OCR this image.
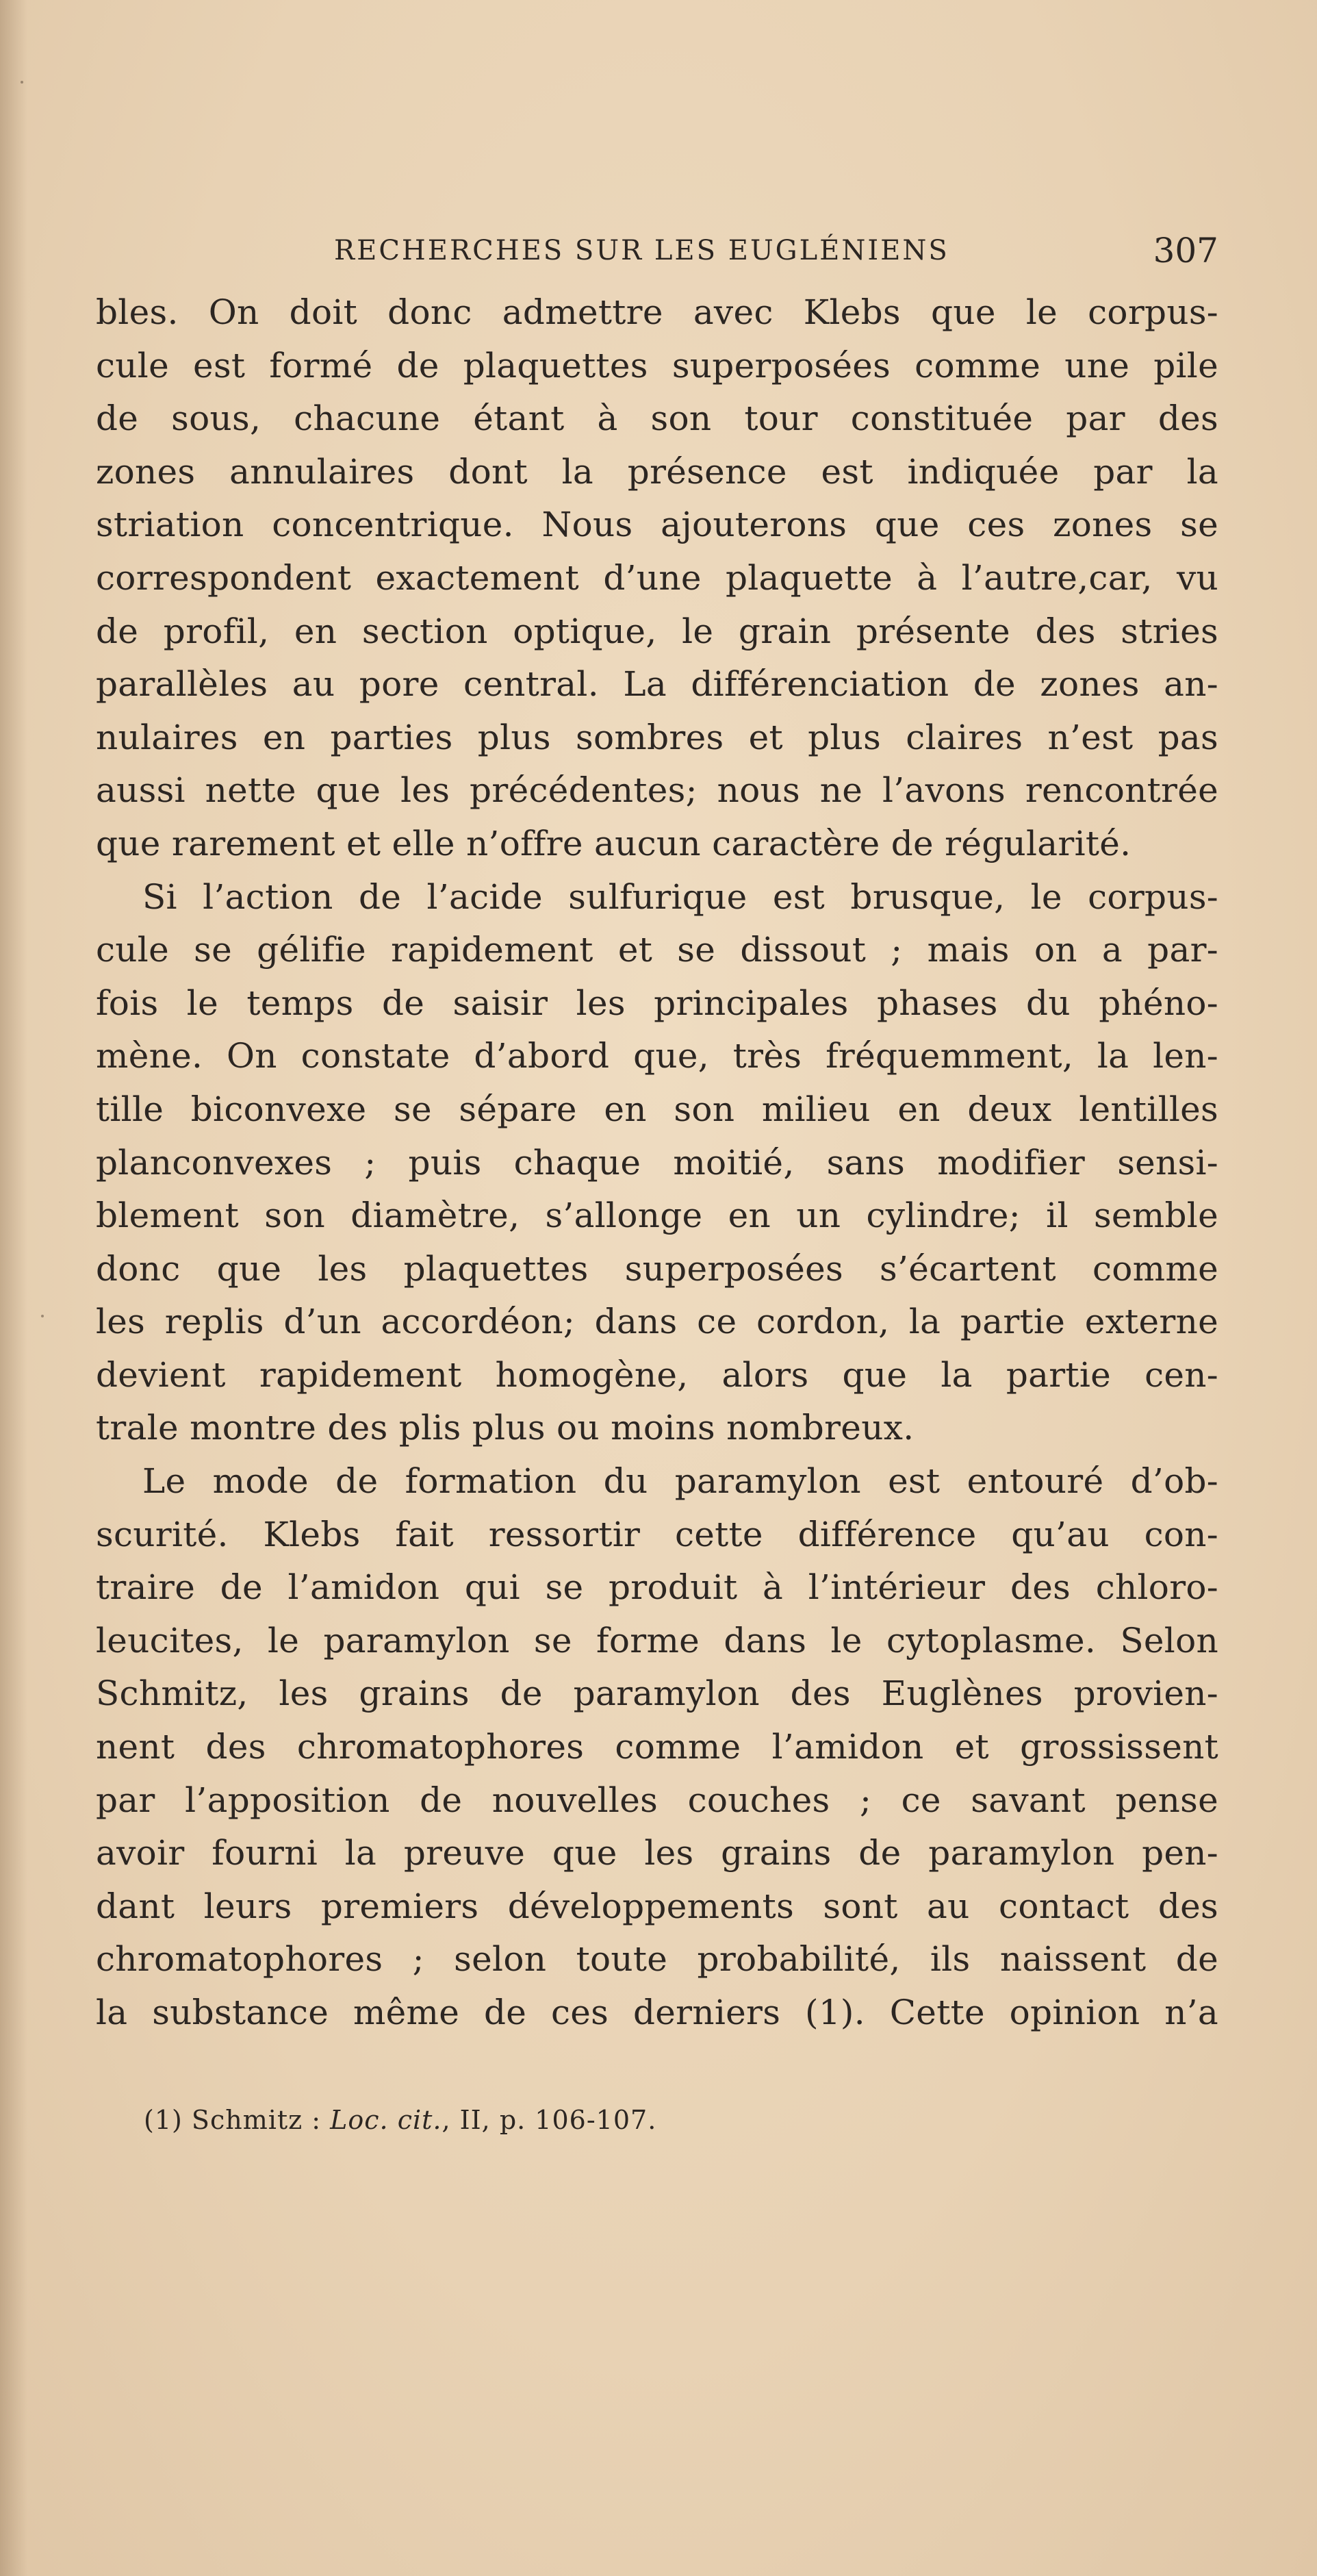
RECHERCHES SUR LES EUGLÉNIENS	307
bles. On doit donc admettre avec Klebs que le corpus-
cule est formé de plaquettes superposées comme une pile
de sous, chacune étant à son tour constituée par des
zones annulaires dont la présence est indiquée par la
striation concentrique. Nous ajouterons que ces zones se
correspondent exactement d’une plaquette à l’autre,car, vu
de profil, en section optique, le grain présente des stries
parallèles au pore central. La différenciation de zones an-
nulaires en parties plus sombres et plus claires n’est pas
aussi nette que les précédentes; nous ne l’avons rencontrée
que rarement et elle n’offre aucun caractère de régularité.
Si l’action de l’acide sulfurique est brusque, le corpus-
cule se gélifie rapidement et se dissout ; mais on a par-
fois le temps de saisir les principales phases du phéno-
mène. On constate d’abord que, très fréquemment, la len-
tille biconvexe se sépare en son milieu en deux lentilles
planconvexes ; puis chaque moitié, sans modifier sensi-
blement son diamètre, s’allonge en un cylindre; il semble
donc que les plaquettes superposées s’écartent comme
les replis d’un accordéon; dans ce cordon, la partie externe
devient rapidement homogène, alors que la partie cen-
trale montre des plis plus ou moins nombreux.
Le mode de formation du paramylon est entouré d’ob-
scurité. Klebs fait ressortir cette différence qu’au con-
traire de l’amidon qui se produit à l’intérieur des chloro-
leucites, le paramylon se forme dans le cytoplasme. Selon
Schmitz, les grains de paramylon des Euglènes provien-
nent des chromatophores comme l’amidon et grossissent
par l’apposition de nouvelles couches ; ce savant pense
avoir fourni la preuve que les grains de paramylon pen-
dant leurs premiers développements sont au contact des
chromatophores ; selon toute probabilité, ils naissent de
la substance même de ces derniers (1). Cette opinion n’a
(1) Schmitz : Loc. cit., II, p. 106-107.
